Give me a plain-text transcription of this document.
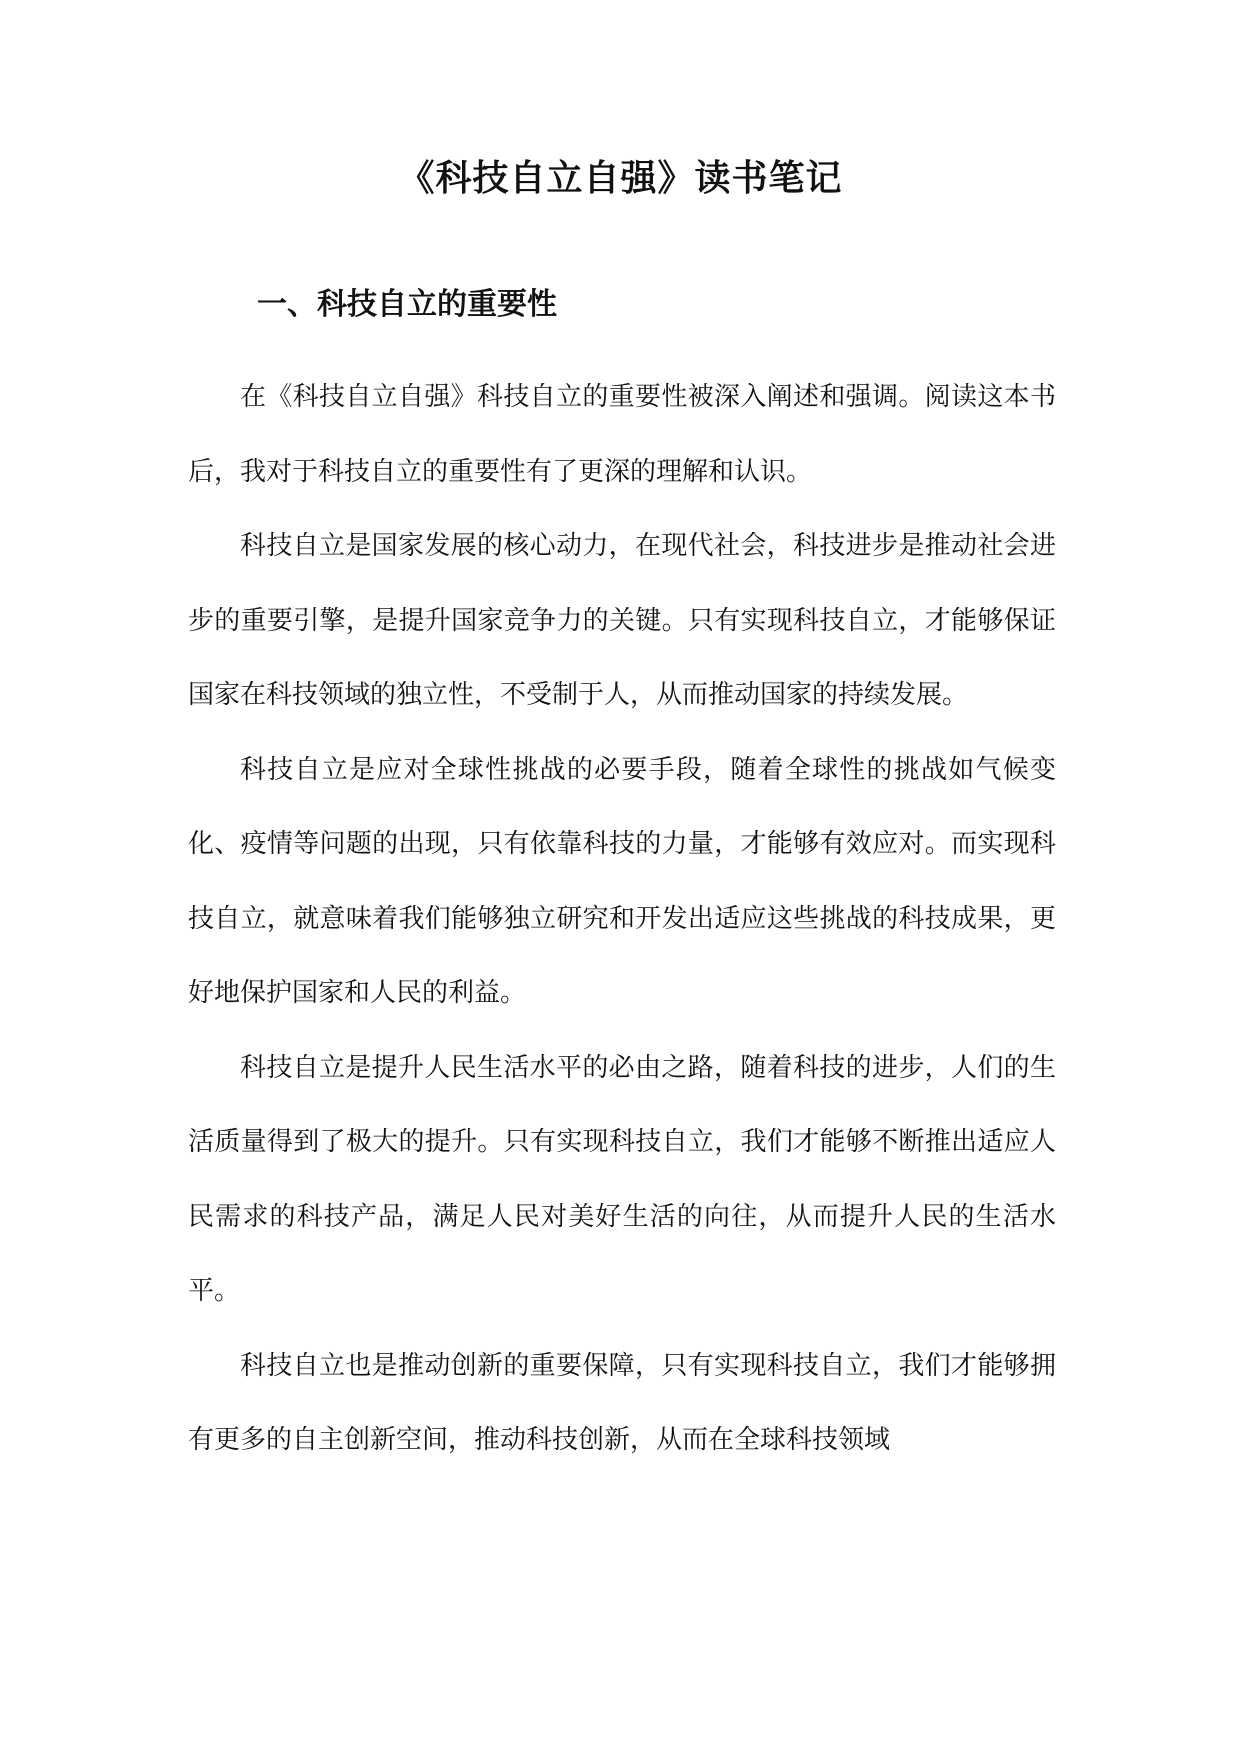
《科技自立自强》读书笔记
一、科技自立的重要性

在《科技自立自强》科技自立的重要性被深入阐述和强调。阅读这本书后，我对于科技自立的重要性有了更深的理解和认识。

科技自立是国家发展的核心动力，在现代社会，科技进步是推动社会进步的重要引擎，是提升国家竞争力的关键。只有实现科技自立，才能够保证国家在科技领域的独立性，不受制于人，从而推动国家的持续发展。

科技自立是应对全球性挑战的必要手段，随着全球性的挑战如气候变化、疫情等问题的出现，只有依靠科技的力量，才能够有效应对。而实现科技自立，就意味着我们能够独立研究和开发出适应这些挑战的科技成果，更好地保护国家和人民的利益。

科技自立是提升人民生活水平的必由之路，随着科技的进步，人们的生活质量得到了极大的提升。只有实现科技自立，我们才能够不断推出适应人民需求的科技产品，满足人民对美好生活的向往，从而提升人民的生活水平。

科技自立也是推动创新的重要保障，只有实现科技自立，我们才能够拥有更多的自主创新空间，推动科技创新，从而在全球科技领域
